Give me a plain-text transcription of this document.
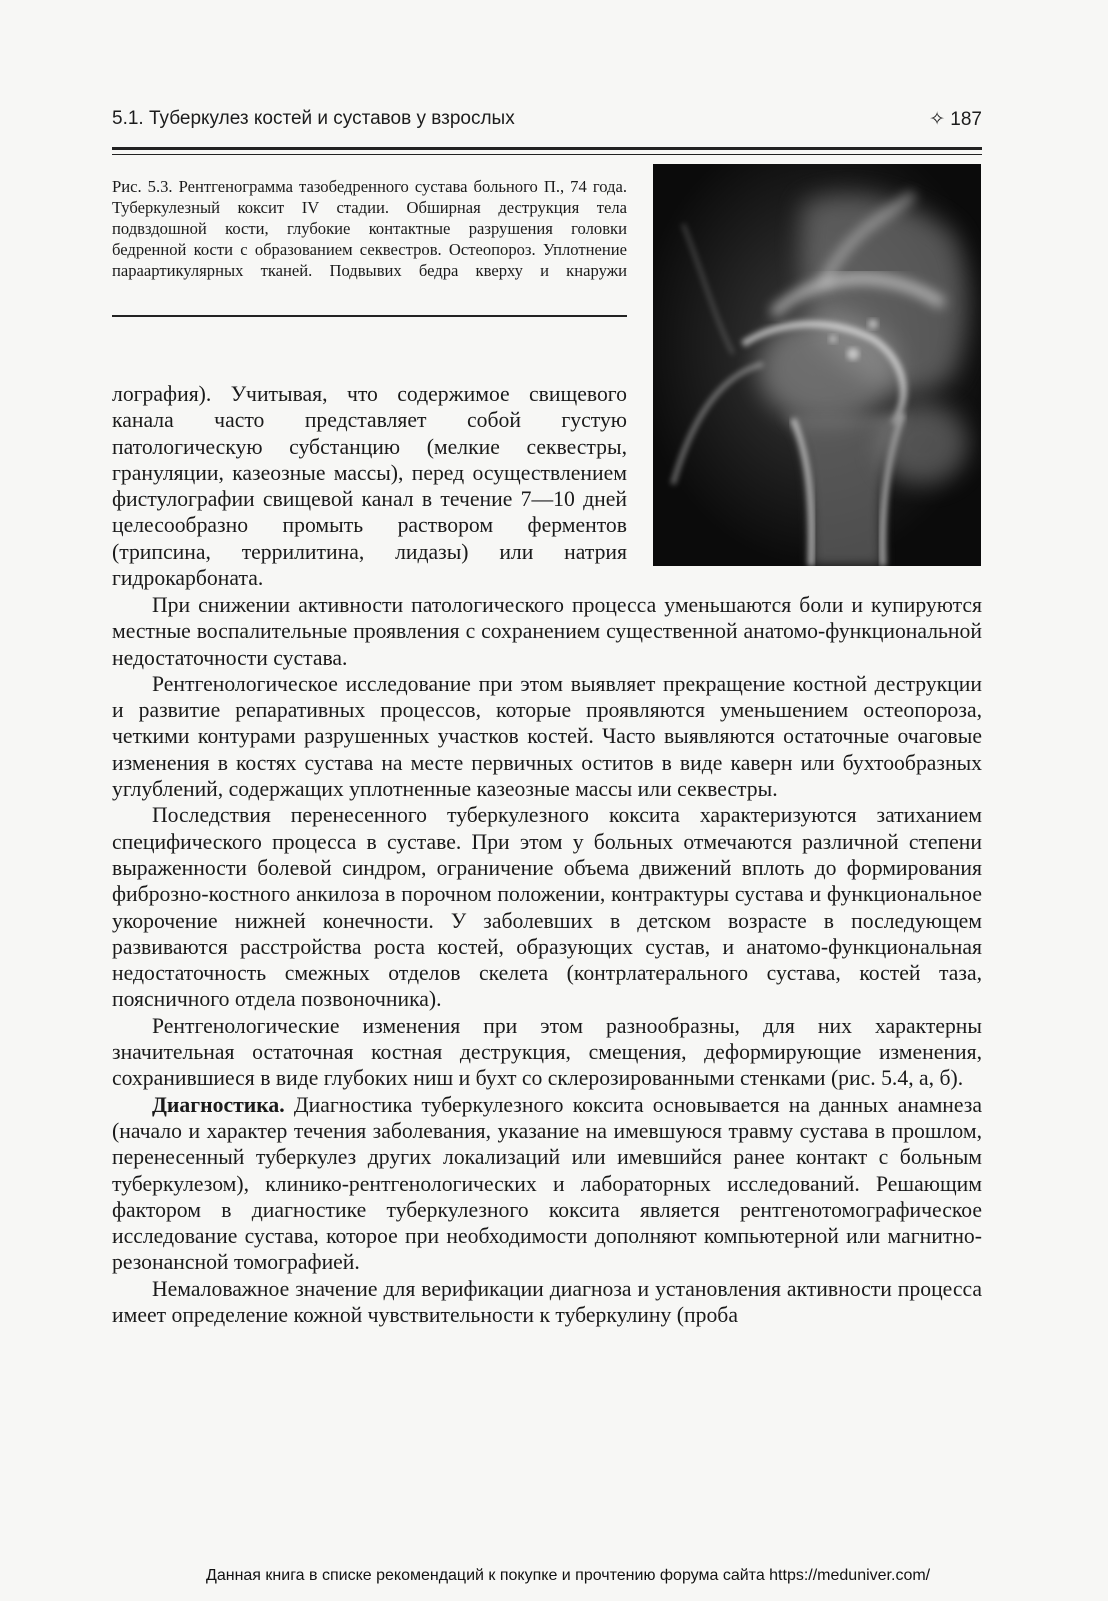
5.1. Туберкулез костей и суставов у взрослых	✧ 187
Рис. 5.3. Рентгенограмма тазобедренного сустава больного П., 74 года. Туберкулезный коксит IV стадии. Обширная деструкция тела подвздошной кости, глубокие контактные разрушения головки бедренной кости с образованием секвестров. Остеопороз. Уплотнение параартикулярных тканей. Подвывих бедра кверху и кнаружи

лография). Учитывая, что содержимое свищевого канала часто представляет собой густую патологическую субстанцию (мелкие секвестры, грануляции, казеозные массы), перед осуществлением фистулографии свищевой канал в течение 7—10 дней целесообразно промыть раствором ферментов (трипсина, террилитина, лидазы) или натрия гидрокарбоната.

При снижении активности патологического процесса уменьшаются боли и купируются местные воспалительные проявления с сохранением существенной анатомо-функциональной недостаточности сустава.

Рентгенологическое исследование при этом выявляет прекращение костной деструкции и развитие репаративных процессов, которые проявляются уменьшением остеопороза, четкими контурами разрушенных участков костей. Часто выявляются остаточные очаговые изменения в костях сустава на месте первичных оститов в виде каверн или бухтообразных углублений, содержащих уплотненные казеозные массы или секвестры.

Последствия перенесенного туберкулезного коксита характеризуются затиханием специфического процесса в суставе. При этом у больных отмечаются различной степени выраженности болевой синдром, ограничение объема движений вплоть до формирования фиброзно-костного анкилоза в порочном положении, контрактуры сустава и функциональное укорочение нижней конечности. У заболевших в детском возрасте в последующем развиваются расстройства роста костей, образующих сустав, и анатомо-функциональная недостаточность смежных отделов скелета (контрлатерального сустава, костей таза, поясничного отдела позвоночника).

Рентгенологические изменения при этом разнообразны, для них характерны значительная остаточная костная деструкция, смещения, деформирующие изменения, сохранившиеся в виде глубоких ниш и бухт со склерозированными стенками (рис. 5.4, а, б).

Диагностика. Диагностика туберкулезного коксита основывается на данных анамнеза (начало и характер течения заболевания, указание на имевшуюся травму сустава в прошлом, перенесенный туберкулез других локализаций или имевшийся ранее контакт с больным туберкулезом), клинико-рентгенологических и лабораторных исследований. Решающим фактором в диагностике туберкулезного коксита является рентгенотомографическое исследование сустава, которое при необходимости дополняют компьютерной или магнитно-резонансной томографией.

Немаловажное значение для верификации диагноза и установления активности процесса имеет определение кожной чувствительности к туберкулину (проба

Данная книга в списке рекомендаций к покупке и прочтению форума сайта https://meduniver.com/
